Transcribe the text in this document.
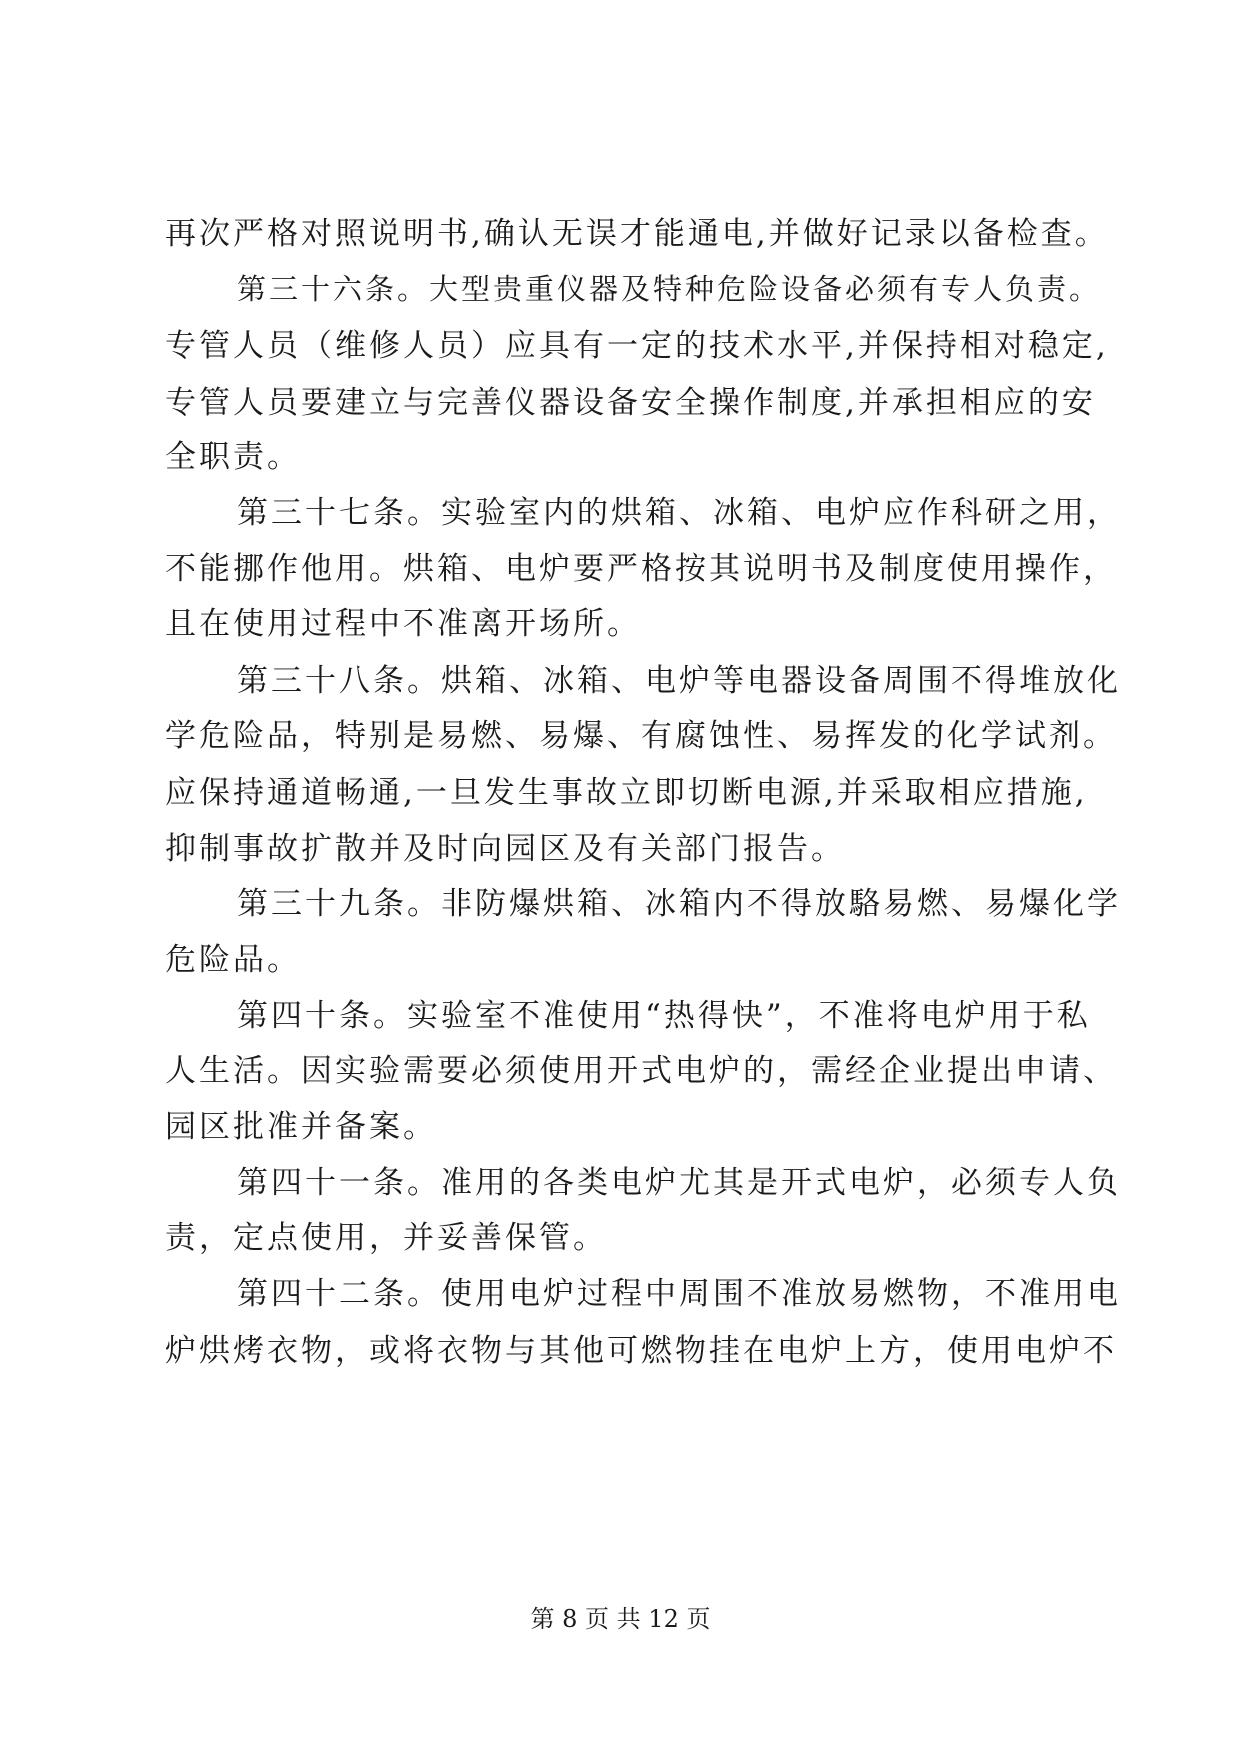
再次严格对照说明书,确认无误才能通电,并做好记录以备检查。
第三十六条。大型贵重仪器及特种危险设备必须有专人负责。
专管人员（维修人员）应具有一定的技术水平,并保持相对稳定,
专管人员要建立与完善仪器设备安全操作制度,并承担相应的安
全职责。
第三十七条。实验室内的烘箱、冰箱、电炉应作科研之用，
不能挪作他用。烘箱、电炉要严格按其说明书及制度使用操作，
且在使用过程中不准离开场所。
第三十八条。烘箱、冰箱、电炉等电器设备周围不得堆放化
学危险品，特别是易燃、易爆、有腐蚀性、易挥发的化学试剂。
应保持通道畅通,一旦发生事故立即切断电源,并采取相应措施,
抑制事故扩散并及时向园区及有关部门报告。
第三十九条。非防爆烘箱、冰箱内不得放駱易燃、易爆化学
危险品。
第四十条。实验室不准使用“热得快”，不准将电炉用于私
人生活。因实验需要必须使用开式电炉的，需经企业提出申请、
园区批准并备案。
第四十一条。准用的各类电炉尤其是开式电炉，必须专人负
责，定点使用，并妥善保管。
第四十二条。使用电炉过程中周围不准放易燃物，不准用电
炉烘烤衣物，或将衣物与其他可燃物挂在电炉上方，使用电炉不
第 8 页 共 12 页
